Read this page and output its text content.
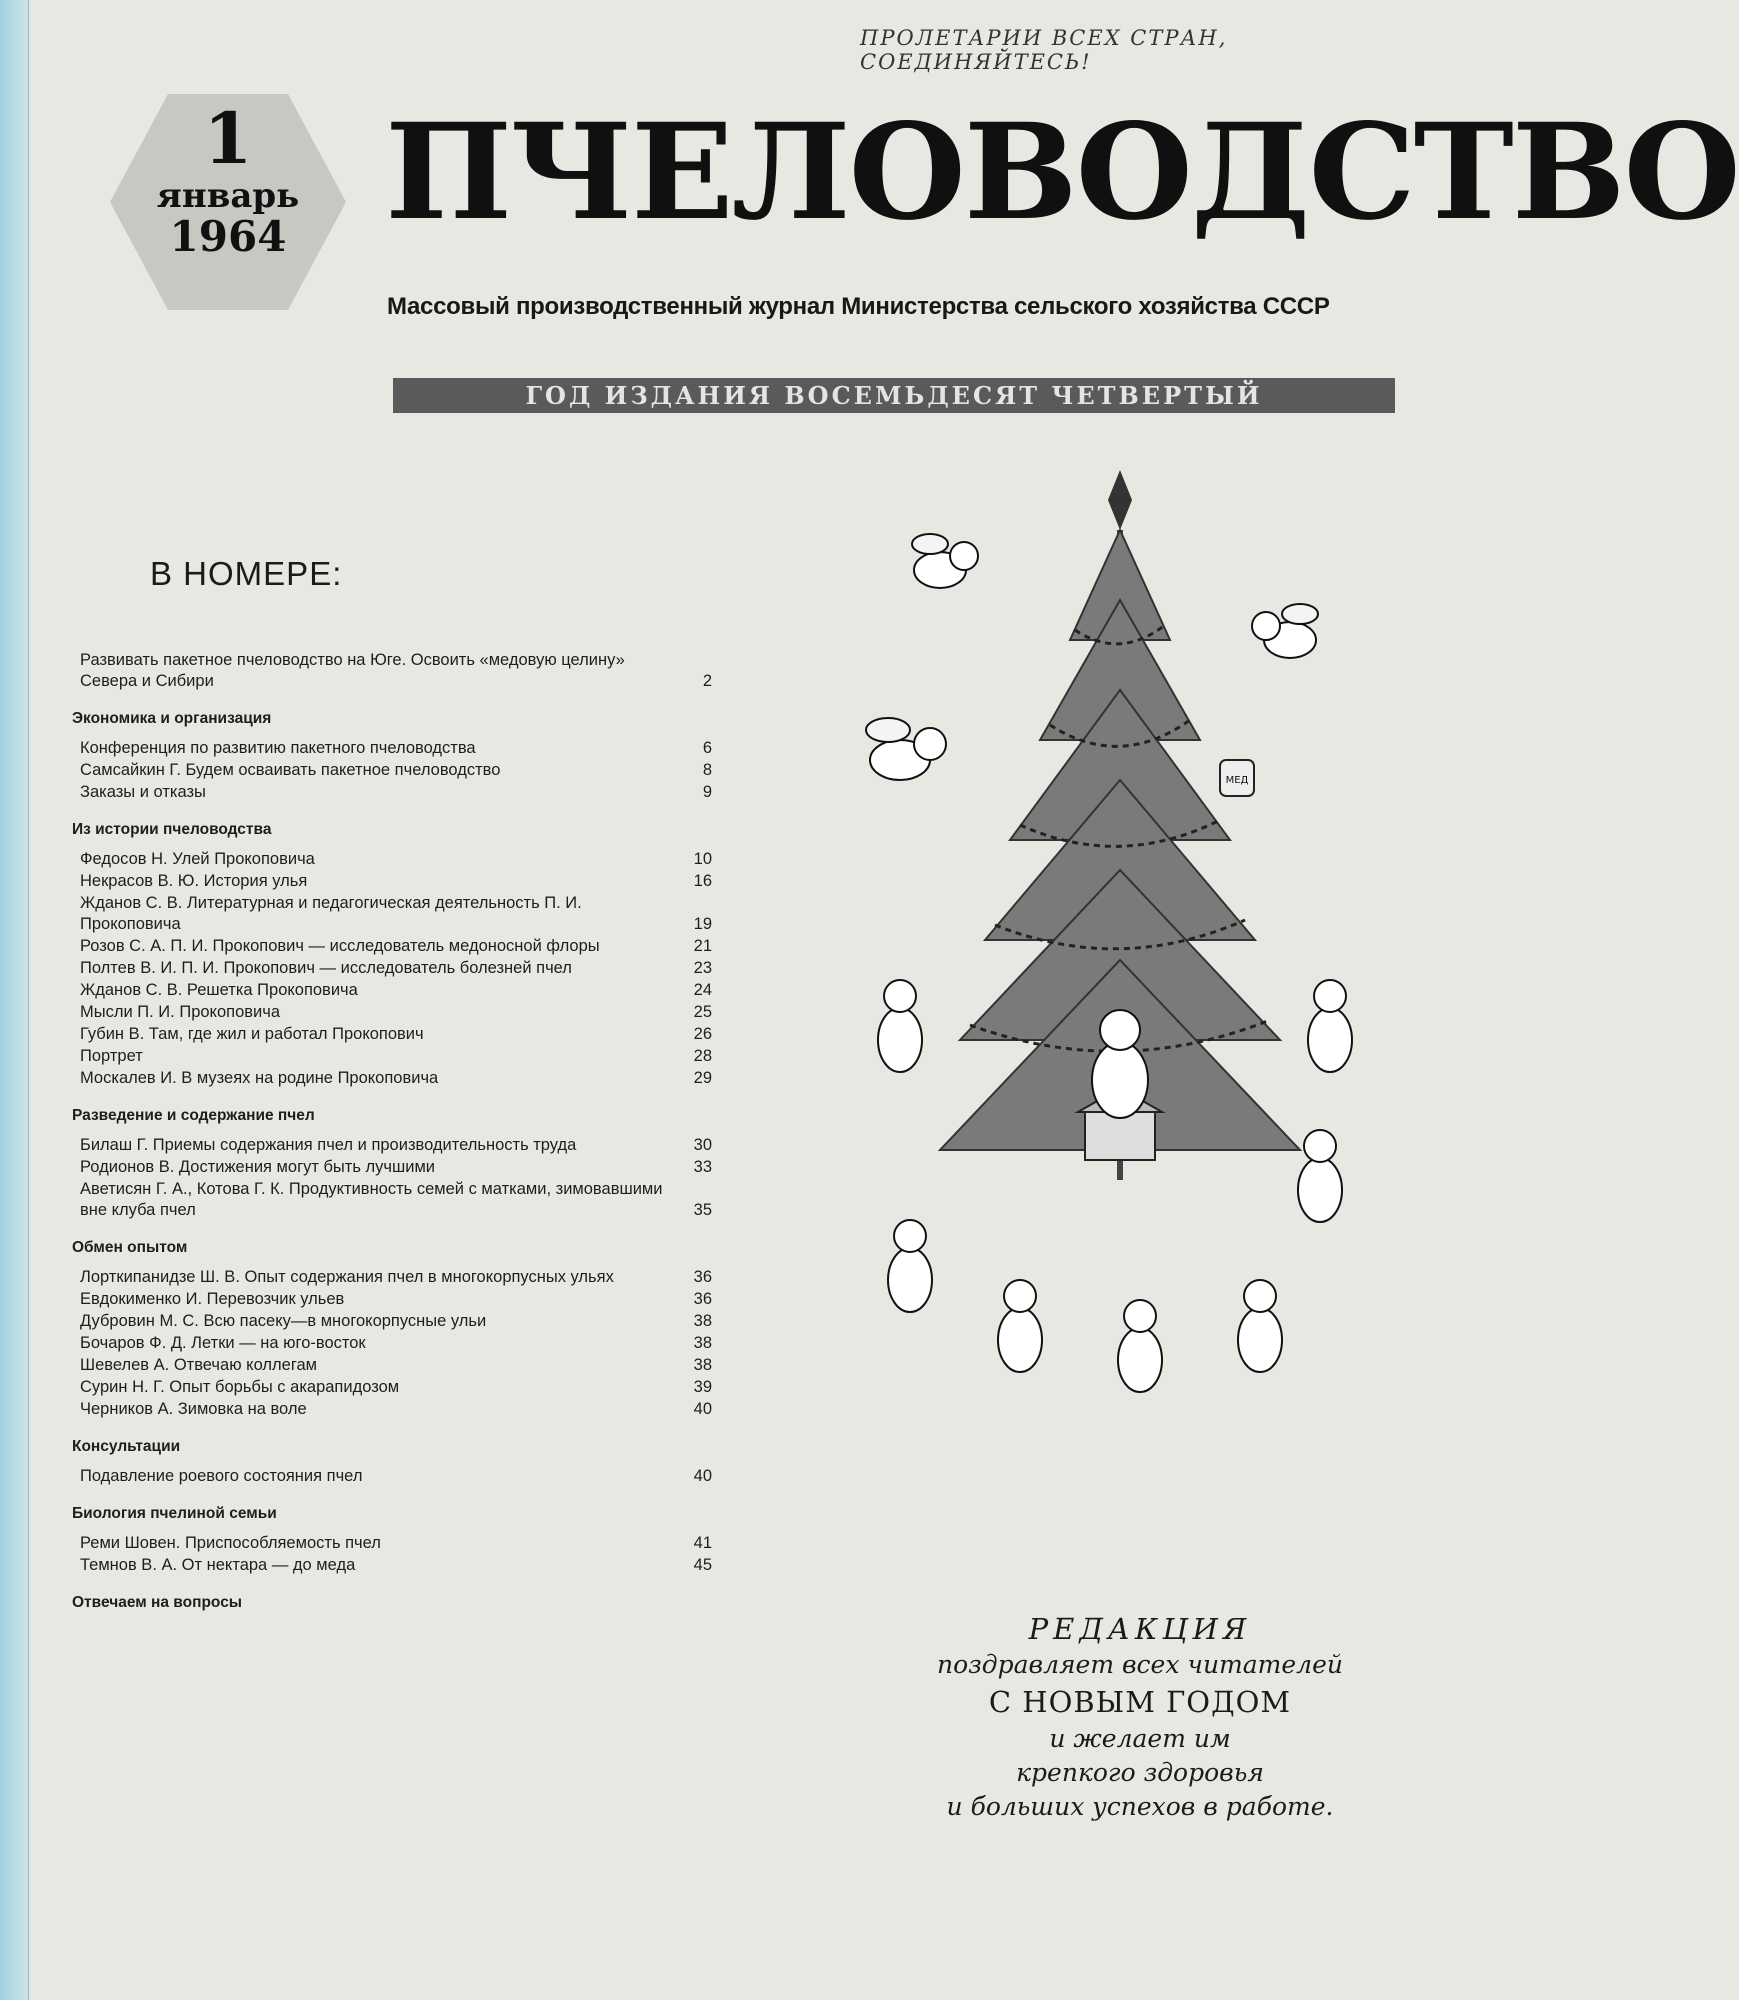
ПРОЛЕТАРИИ ВСЕХ СТРАН, СОЕДИНЯЙТЕСЬ!
1
январь
1964 ПЧЕЛОВОДСТВО
Массовый производственный журнал Министерства сельского хозяйства СССР
ГОД ИЗДАНИЯ ВОСЕМЬДЕСЯТ ЧЕТВЕРТЫЙ
В НОМЕРЕ:
Развивать пакетное пчеловодство на Юге. Освоить «медовую целину» Севера и Сибири	2
Экономика и организация
Конференция по развитию пакетного пчеловодства	6
Самсайкин Г. Будем осваивать пакетное пчеловодство	8
Заказы и отказы	9
Из истории пчеловодства
Федосов Н. Улей Прокоповича	10
Некрасов В. Ю. История улья	16
Жданов С. В. Литературная и педагогическая деятельность П. И. Прокоповича	19
Розов С. А. П. И. Прокопович — исследователь медоносной флоры	21
Полтев В. И. П. И. Прокопович — исследователь болезней пчел	23
Жданов С. В. Решетка Прокоповича	24
Мысли П. И. Прокоповича	25
Губин В. Там, где жил и работал Прокопович	26
Портрет	28
Москалев И. В музеях на родине Прокоповича	29
Разведение и содержание пчел
Билаш Г. Приемы содержания пчел и производительность труда	30
Родионов В. Достижения могут быть лучшими	33
Аветисян Г. А., Котова Г. К. Продуктивность семей с матками, зимовавшими вне клуба пчел	35
Обмен опытом
Лорткипанидзе Ш. В. Опыт содержания пчел в многокорпусных ульях	36
Евдокименко И. Перевозчик ульев	36
Дубровин М. С. Всю пасеку—в многокорпусные ульи	38
Бочаров Ф. Д. Летки — на юго-восток	38
Шевелев А. Отвечаю коллегам	38
Сурин Н. Г. Опыт борьбы с акарапидозом	39
Черников А. Зимовка на воле	40
Консультации
Подавление роевого состояния пчел	40
Биология пчелиной семьи
Реми Шовен. Приспособляемость пчел	41
Темнов В. А. От нектара — до меда	45
Отвечаем на вопросы
МЕД
РЕДАКЦИЯ
поздравляет всех читателей
С НОВЫМ ГОДОМ
и желает им
крепкого здоровья
и больших успехов в работе.
